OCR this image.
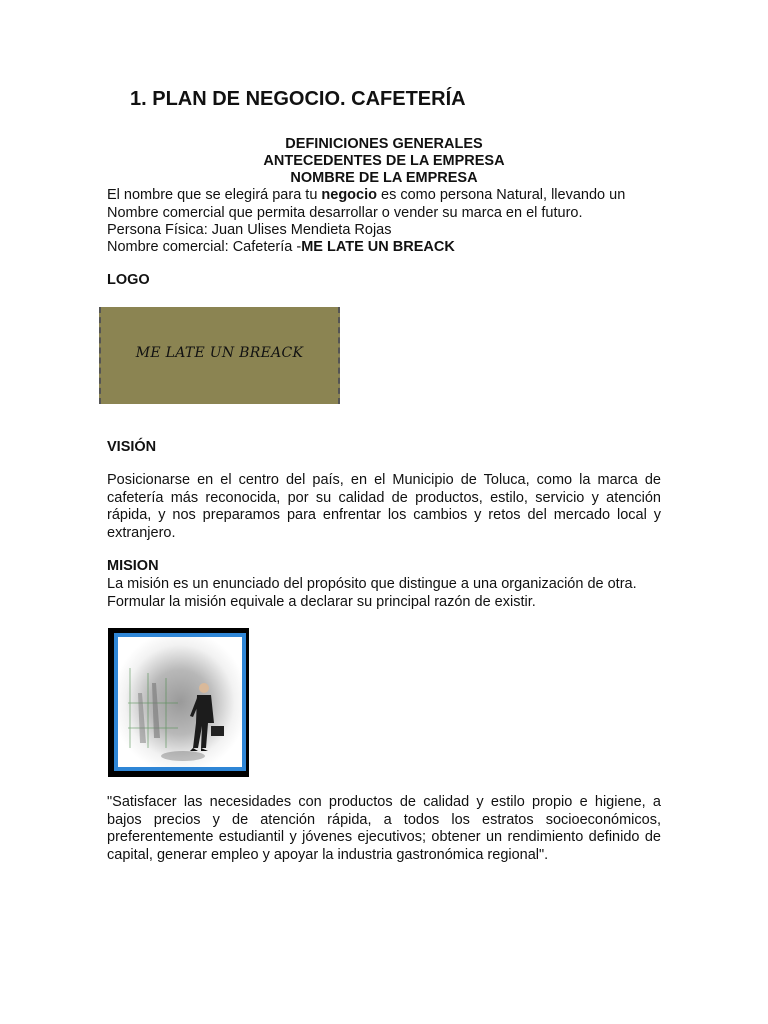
1. PLAN DE NEGOCIO. CAFETERÍA
DEFINICIONES GENERALES
ANTECEDENTES DE LA EMPRESA
NOMBRE DE LA EMPRESA
El nombre que se elegirá para tu negocio es como persona Natural, llevando un
Nombre comercial que permita desarrollar o vender su marca en el futuro.
Persona Física: Juan Ulises Mendieta Rojas
Nombre comercial: Cafetería -ME LATE UN BREACK
LOGO
ME LATE UN BREACK
VISIÓN
Posicionarse en el centro del país, en el Municipio de Toluca, como la marca de cafetería más reconocida, por su calidad de productos, estilo, servicio y atención rápida, y nos preparamos para enfrentar los cambios y retos del mercado local y extranjero.
MISION
La misión es un enunciado del propósito que distingue a una organización de otra.
Formular la misión equivale a declarar su principal razón de existir.
"Satisfacer las necesidades con productos de calidad y estilo propio e higiene, a bajos precios y de atención rápida, a todos los estratos socioeconómicos, preferentemente estudiantil y jóvenes ejecutivos; obtener un rendimiento definido de capital, generar empleo y apoyar la industria gastronómica regional".
